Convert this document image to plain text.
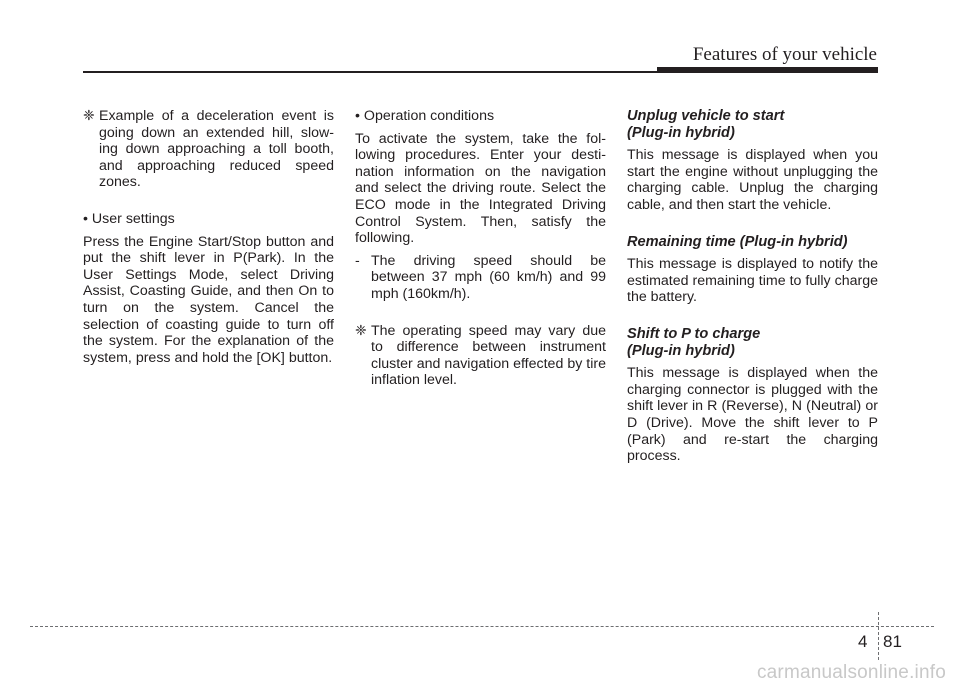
Features of your vehicle
❈ Example of a deceleration event is going down an extended hill, slow-ing down approaching a toll booth, and approaching reduced speed zones.
• User settings

Press the Engine Start/Stop button and put the shift lever in P(Park). In the User Settings Mode, select Driving Assist, Coasting Guide, and then On to turn on the system. Cancel the selection of coasting guide to turn off the system. For the explanation of the system, press and hold the [OK] button.

• Operation conditions

To activate the system, take the fol-lowing procedures. Enter your desti-nation information on the navigation and select the driving route. Select the ECO mode in the Integrated Driving Control System. Then, satisfy the following.

- The driving speed should be between 37 mph (60 km/h) and 99 mph (160km/h).
❈ The operating speed may vary due to difference between instrument cluster and navigation effected by tire inflation level.
Unplug vehicle to start
(Plug-in hybrid)

This message is displayed when you start the engine without unplugging the charging cable. Unplug the charging cable, and then start the vehicle.

Remaining time (Plug-in hybrid)

This message is displayed to notify the estimated remaining time to fully charge the battery.

Shift to P to charge
(Plug-in hybrid)

This message is displayed when the charging connector is plugged with the shift lever in R (Reverse), N (Neutral) or D (Drive). Move the shift lever to P (Park) and re-start the charging process.

4 81
carmanualsonline.info
